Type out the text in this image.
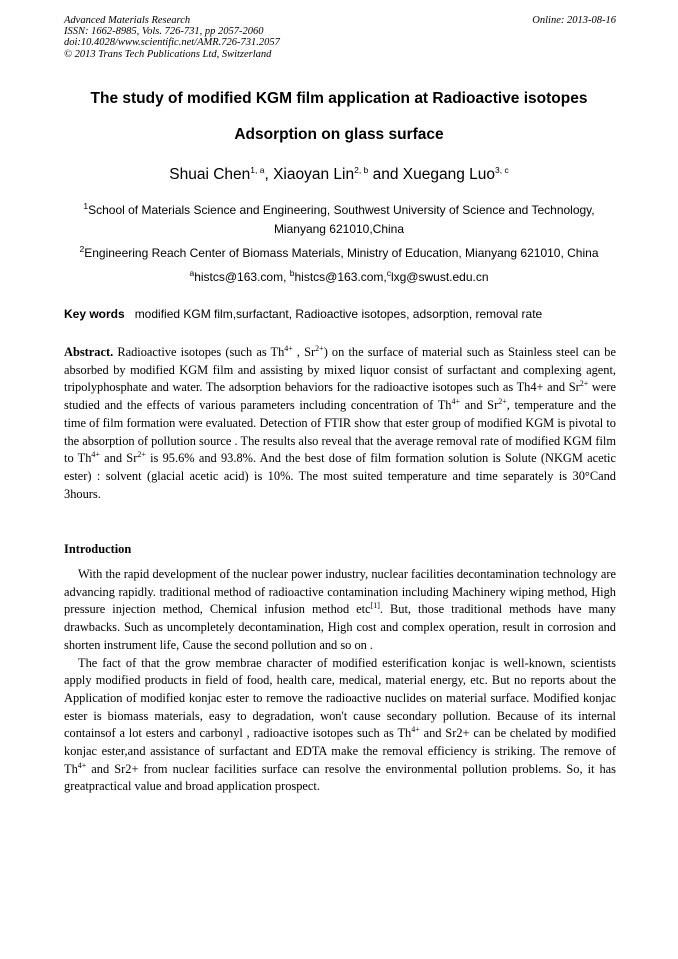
Advanced Materials Research
ISSN: 1662-8985, Vols. 726-731, pp 2057-2060
doi:10.4028/www.scientific.net/AMR.726-731.2057
© 2013 Trans Tech Publications Ltd, Switzerland
Online: 2013-08-16
The study of modified KGM film application at Radioactive isotopes
Adsorption on glass surface
Shuai Chen$^{1, a}$, Xiaoyan Lin$^{2, b}$ and Xuegang Luo$^{3, c}$
$^1$School of Materials Science and Engineering, Southwest University of Science and Technology,
Mianyang 621010,China
$^2$Engineering Reach Center of Biomass Materials, Ministry of Education, Mianyang 621010, China
$^a$histcs@163.com, $^b$histcs@163.com,$^c$lxg@swust.edu.cn
Key words modified KGM film,surfactant, Radioactive isotopes, adsorption, removal rate
Abstract. Radioactive isotopes (such as $Th^{4+}$ , $Sr^{2+}$) on the surface of material such as Stainless steel can be absorbed by modified KGM film and assisting by mixed liquor consist of surfactant and complexing agent, tripolyphosphate and water. The adsorption behaviors for the radioactive isotopes such as Th4+ and $Sr^{2+}$ were studied and the effects of various parameters including concentration of $Th^{4+}$ and $Sr^{2+}$, temperature and the time of film formation were evaluated. Detection of FTIR show that ester group of modified KGM is pivotal to the absorption of pollution source . The results also reveal that the average removal rate of modified KGM film to $Th^{4+}$ and $Sr^{2+}$ is 95.6% and 93.8%. And the best dose of film formation solution is Solute (NKGM acetic ester) : solvent (glacial acetic acid) is 10%. The most suited temperature and time separately is 30°Cand 3hours.
Introduction

With the rapid development of the nuclear power industry, nuclear facilities decontamination technology are advancing rapidly. traditional method of radioactive contamination including Machinery wiping method, High pressure injection method, Chemical infusion method etc[1]. But, those traditional methods have many drawbacks. Such as uncompletely decontamination, High cost and complex operation, result in corrosion and shorten instrument life, Cause the second pollution and so on .

The fact of that the grow membrae character of modified esterification konjac is well-known, scientists apply modified products in field of food, health care, medical, material energy, etc. But no reports about the Application of modified konjac ester to remove the radioactive nuclides on material surface. Modified konjac ester is biomass materials, easy to degradation, won't cause secondary pollution. Because of its internal containsof a lot esters and carbonyl , radioactive isotopes such as $Th^{4+}$ and Sr2+ can be chelated by modified konjac ester,and assistance of surfactant and EDTA make the removal efficiency is striking. The remove of $Th^{4+}$ and Sr2+ from nuclear facilities surface can resolve the environmental pollution problems. So, it has greatpractical value and broad application prospect.
